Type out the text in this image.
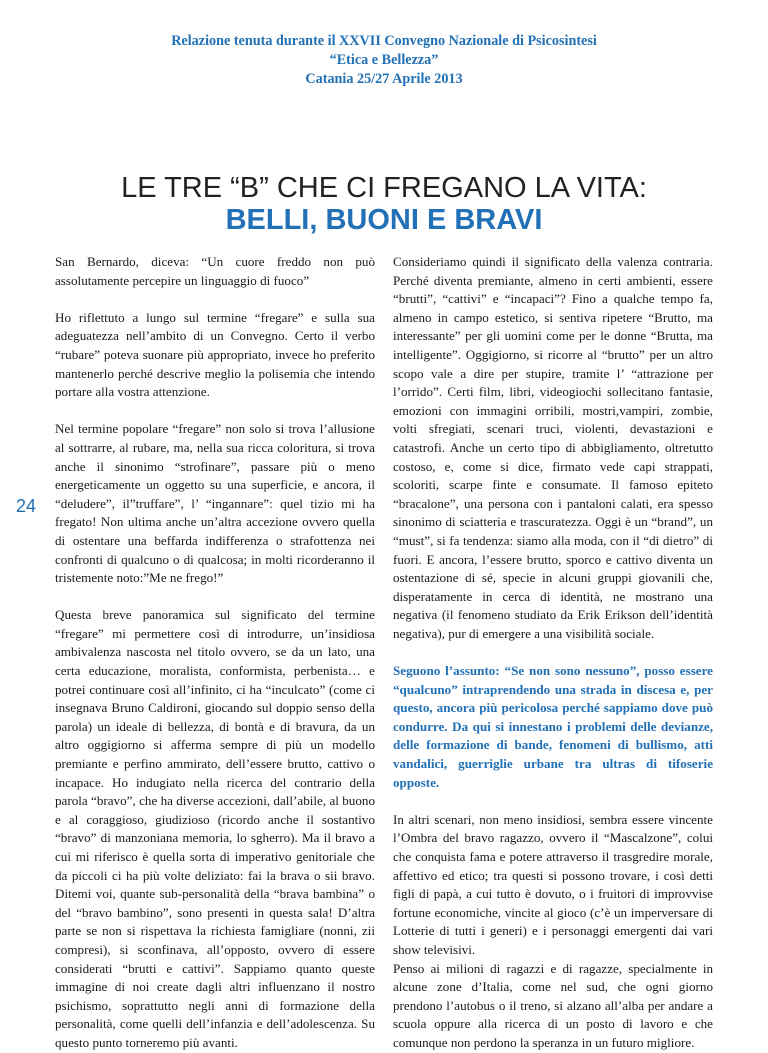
Relazione tenuta durante il XXVII Convegno Nazionale di Psicosintesi
“Etica e Bellezza”
Catania 25/27 Aprile 2013
LE TRE “B” CHE CI FREGANO LA VITA:
BELLI, BUONI E BRAVI
24

San Bernardo, diceva: “Un cuore freddo non può assolutamente percepire un linguaggio di fuoco”

Ho riflettuto a lungo sul termine “fregare” e sulla sua adeguatezza nell’ambito di un Convegno. Certo il verbo “rubare” poteva suonare più appropriato, invece ho preferito mantenerlo perché descrive meglio la polisemia che intendo portare alla vostra attenzione.

Nel termine popolare “fregare” non solo si trova l’allusione al sottrarre, al rubare, ma, nella sua ricca coloritura, si trova anche il sinonimo “strofinare”, passare più o meno energeticamente un oggetto su una superficie, e ancora, il “deludere”, il”truffare”, l’ “ingannare”: quel tizio mi ha fregato! Non ultima anche un’altra accezione ovvero quella di ostentare una beffarda indifferenza o strafottenza nei confronti di qualcuno o di qualcosa; in molti ricorderanno il tristemente noto:”Me ne frego!”

Questa breve panoramica sul significato del termine “fregare” mi permettere così di introdurre, un’insidiosa ambivalenza nascosta nel titolo ovvero, se da un lato, una certa educazione, moralista, conformista, perbenista… e potrei continuare così all’infinito, ci ha “inculcato” (come ci insegnava Bruno Caldironi, giocando sul doppio senso della parola) un ideale di bellezza, di bontà e di bravura, da un altro oggigiorno si afferma sempre di più un modello premiante e perfino ammirato, dell’essere brutto, cattivo o incapace. Ho indugiato nella ricerca del contrario della parola “bravo”, che ha diverse accezioni, dall’abile, al buono e al coraggioso, giudizioso (ricordo anche il sostantivo “bravo” di manzoniana memoria, lo sgherro). Ma il bravo a cui mi riferisco è quella sorta di imperativo genitoriale che da piccoli ci ha più volte deliziato: fai la brava o sii bravo. Ditemi voi, quante sub-personalità della “brava bambina” o del “bravo bambino”, sono presenti in questa sala! D’altra parte se non si rispettava la richiesta famigliare (nonni, zii compresi), si sconfinava, all’opposto, ovvero di essere considerati “brutti e cattivi”. Sappiamo quanto queste immagine di noi create dagli altri influenzano il nostro psichismo, soprattutto negli anni di formazione della personalità, come quelli dell’infanzia e dell’adolescenza. Su questo punto torneremo più avanti.

Consideriamo quindi il significato della valenza contraria. Perché diventa premiante, almeno in certi ambienti, essere “brutti”, “cattivi” e “incapaci”? Fino a qualche tempo fa, almeno in campo estetico, si sentiva ripetere “Brutto, ma interessante” per gli uomini come per le donne “Brutta, ma intelligente”. Oggigiorno, si ricorre al “brutto” per un altro scopo vale a dire per stupire, tramite l’ “attrazione per l’orrido”. Certi film, libri, videogiochi sollecitano fantasie, emozioni con immagini orribili, mostri,vampiri, zombie, volti sfregiati, scenari truci, violenti, devastazioni e catastrofi. Anche un certo tipo di abbigliamento, oltretutto costoso, e, come si dice, firmato vede capi strappati, scoloriti, scarpe finte e consumate. Il famoso epiteto “bracalone”, una persona con i pantaloni calati, era spesso sinonimo di sciatteria e trascuratezza. Oggi è un “brand”, un “must”, si fa tendenza: siamo alla moda, con il “di dietro” di fuori. E ancora, l’essere brutto, sporco e cattivo diventa un ostentazione di sé, specie in alcuni gruppi giovanili che, disperatamente in cerca di identità, ne mostrano una negativa (il fenomeno studiato da Erik Erikson dell’identità negativa), pur di emergere a una visibilità sociale.

Seguono l’assunto: “Se non sono nessuno”, posso essere “qualcuno” intraprendendo una strada in discesa e, per questo, ancora più pericolosa perché sappiamo dove può condurre. Da qui si innestano i problemi delle devianze, delle formazione di bande, fenomeni di bullismo, atti vandalici, guerriglie urbane tra ultras di tifoserie opposte.

In altri scenari, non meno insidiosi, sembra essere vincente l’Ombra del bravo ragazzo, ovvero il “Mascalzone”, colui che conquista fama e potere attraverso il trasgredire morale, affettivo ed etico; tra questi si possono trovare, i così detti figli di papà, a cui tutto è dovuto, o i fruitori di improvvise fortune economiche, vincite al gioco (c’è un imperversare di Lotterie di tutti i generi) e i personaggi emergenti dai vari show televisivi.

Penso ai milioni di ragazzi e di ragazze, specialmente in alcune zone d’Italia, come nel sud, che ogni giorno prendono l’autobus o il treno, si alzano all’alba per andare a scuola oppure alla ricerca di un posto di lavoro e che comunque non perdono la speranza in un futuro migliore.
